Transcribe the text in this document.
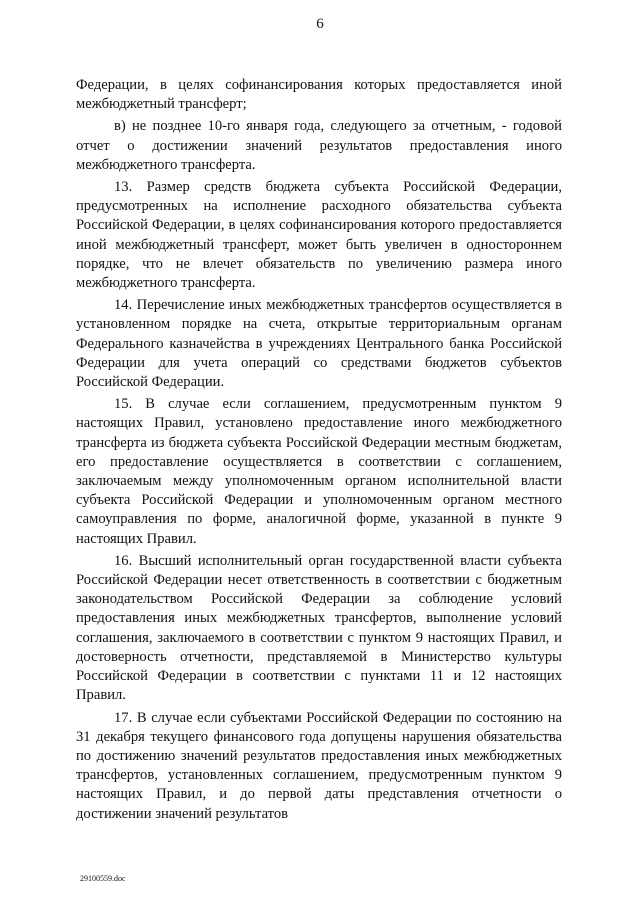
6

Федерации, в целях софинансирования которых предоставляется иной межбюджетный трансферт;

в) не позднее 10-го января года, следующего за отчетным, - годовой отчет о достижении значений результатов предоставления иного межбюджетного трансферта.

13. Размер средств бюджета субъекта Российской Федерации, предусмотренных на исполнение расходного обязательства субъекта Российской Федерации, в целях софинансирования которого предоставляется иной межбюджетный трансферт, может быть увеличен в одностороннем порядке, что не влечет обязательств по увеличению размера иного межбюджетного трансферта.

14. Перечисление иных межбюджетных трансфертов осуществляется в установленном порядке на счета, открытые территориальным органам Федерального казначейства в учреждениях Центрального банка Российской Федерации для учета операций со средствами бюджетов субъектов Российской Федерации.

15. В случае если соглашением, предусмотренным пунктом 9 настоящих Правил, установлено предоставление иного межбюджетного трансферта из бюджета субъекта Российской Федерации местным бюджетам, его предоставление осуществляется в соответствии с соглашением, заключаемым между уполномоченным органом исполнительной власти субъекта Российской Федерации и уполномоченным органом местного самоуправления по форме, аналогичной форме, указанной в пункте 9 настоящих Правил.

16. Высший исполнительный орган государственной власти субъекта Российской Федерации несет ответственность в соответствии с бюджетным законодательством Российской Федерации за соблюдение условий предоставления иных межбюджетных трансфертов, выполнение условий соглашения, заключаемого в соответствии с пунктом 9 настоящих Правил, и достоверность отчетности, представляемой в Министерство культуры Российской Федерации в соответствии с пунктами 11 и 12 настоящих Правил.

17. В случае если субъектами Российской Федерации по состоянию на 31 декабря текущего финансового года допущены нарушения обязательства по достижению значений результатов предоставления иных межбюджетных трансфертов, установленных соглашением, предусмотренным пунктом 9 настоящих Правил, и до первой даты представления отчетности о достижении значений результатов

29100559.doc
